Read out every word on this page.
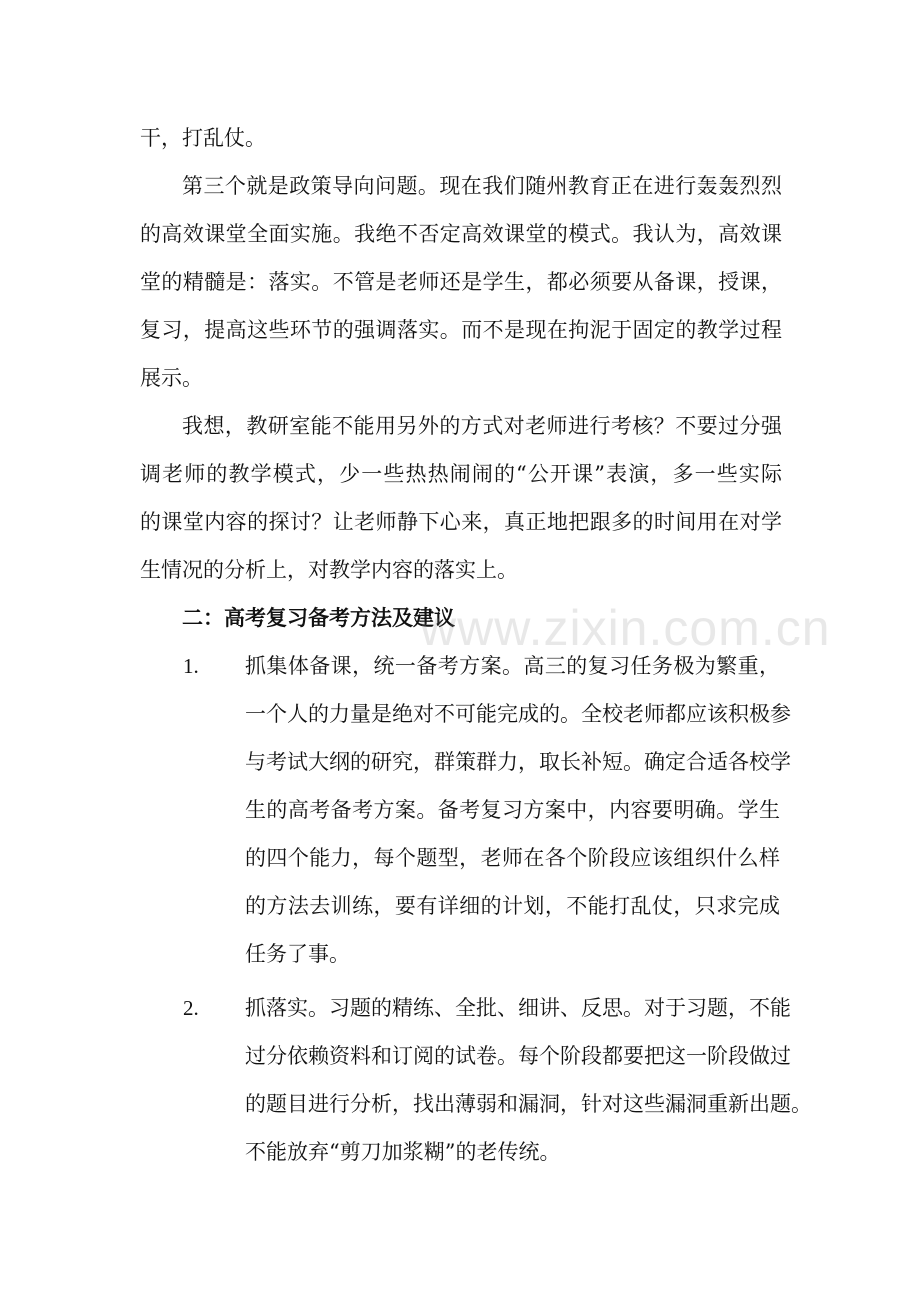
干，打乱仗。
第三个就是政策导向问题。现在我们随州教育正在进行轰轰烈烈
的高效课堂全面实施。我绝不否定高效课堂的模式。我认为，高效课
堂的精髓是：落实。不管是老师还是学生，都必须要从备课，授课，
复习，提高这些环节的强调落实。而不是现在拘泥于固定的教学过程
展示。
我想，教研室能不能用另外的方式对老师进行考核？不要过分强
调老师的教学模式，少一些热热闹闹的“公开课”表演，多一些实际
的课堂内容的探讨？让老师静下心来，真正地把跟多的时间用在对学
生情况的分析上，对教学内容的落实上。
二：高考复习备考方法及建议
www.zixin.com.cn
1. 抓集体备课，统一备考方案。高三的复习任务极为繁重，
一个人的力量是绝对不可能完成的。全校老师都应该积极参
与考试大纲的研究，群策群力，取长补短。确定合适各校学
生的高考备考方案。备考复习方案中，内容要明确。学生
的四个能力，每个题型，老师在各个阶段应该组织什么样
的方法去训练，要有详细的计划，不能打乱仗，只求完成
任务了事。
2. 抓落实。习题的精练、全批、细讲、反思。对于习题，不能
过分依赖资料和订阅的试卷。每个阶段都要把这一阶段做过
的题目进行分析，找出薄弱和漏洞，针对这些漏洞重新出题。
不能放弃“剪刀加浆糊”的老传统。
